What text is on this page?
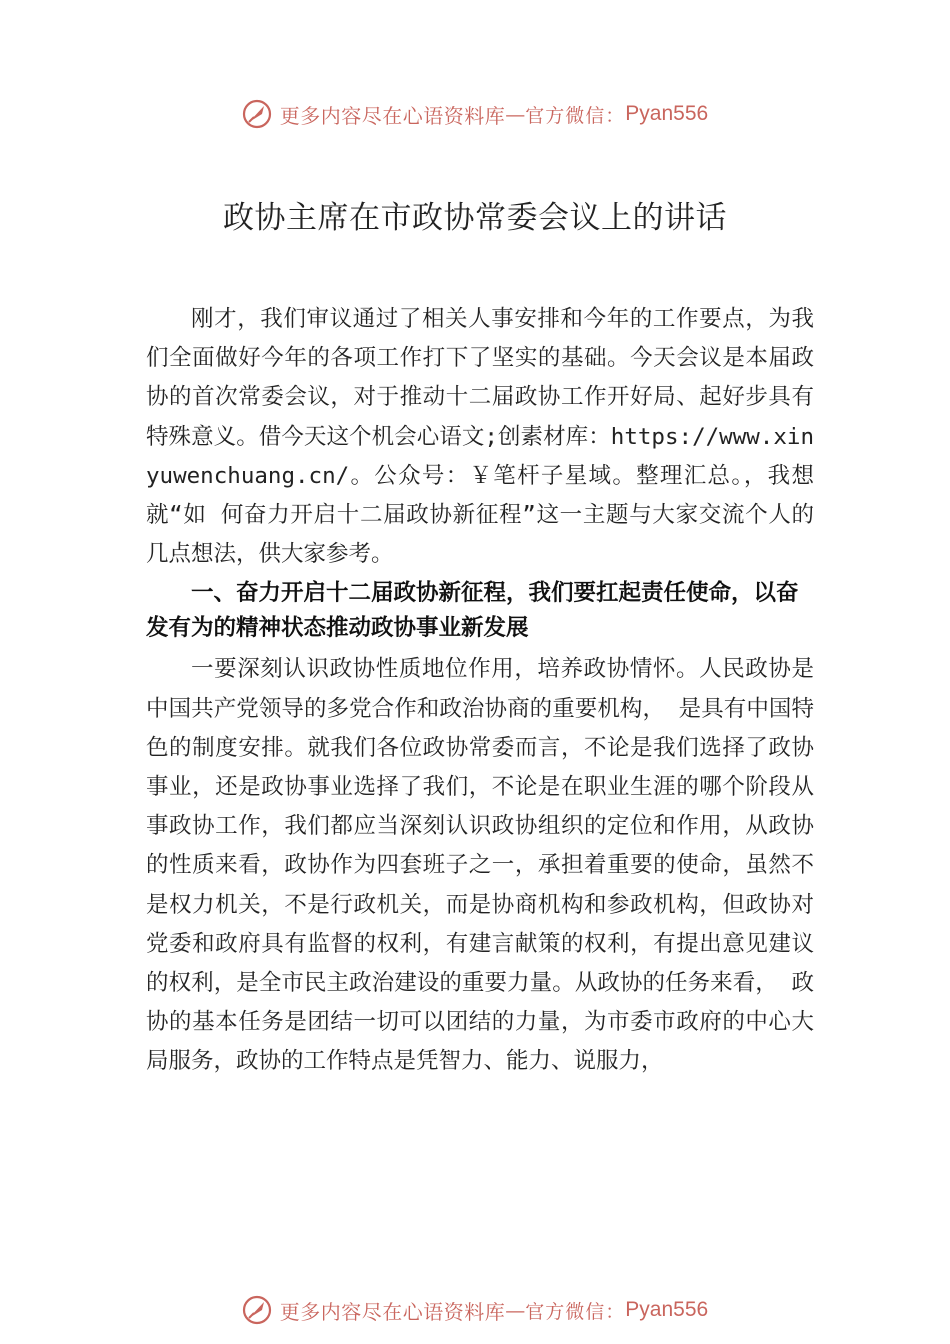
更多内容尽在心语资料库 — 官方微信： Pyan556
政协主席在市政协常委会议上的讲话

刚才，我们审议通过了相关人事安排和今年的工作要点，为我们全面做好今年的各项工作打下了坚实的基础。今天会议是本届政协的首次常委会议，对于推动十二届政协工作开好局、起好步具有特殊意义。借今天这个机会心语文;创素材库：https://www.xinyuwenchuang.cn/。公众号：￥笔杆子星域。整理汇总。，我想就“如 何奋力开启十二届政协新征程”这一主题与大家交流个人的 几点想法，供大家参考。

一、奋力开启十二届政协新征程，我们要扛起责任使命，以奋发有为的精神状态推动政协事业新发展

一要深刻认识政协性质地位作用，培养政协情怀。人民政协是中国共产党领导的多党合作和政治协商的重要机构， 是具有中国特色的制度安排。就我们各位政协常委而言，不论是我们选择了政协事业，还是政协事业选择了我们，不论是在职业生涯的哪个阶段从事政协工作，我们都应当深刻认识政协组织的定位和作用，从政协的性质来看，政协作为四套班子之一，承担着重要的使命，虽然不是权力机关，不是行政机关，而是协商机构和参政机构，但政协对党委和政府具有监督的权利，有建言献策的权利，有提出意见建议的权利，是全市民主政治建设的重要力量。从政协的任务来看， 政协的基本任务是团结一切可以团结的力量，为市委市政府的中心大局服务，政协的工作特点是凭智力、能力、说服力，

更多内容尽在心语资料库 — 官方微信： Pyan556
